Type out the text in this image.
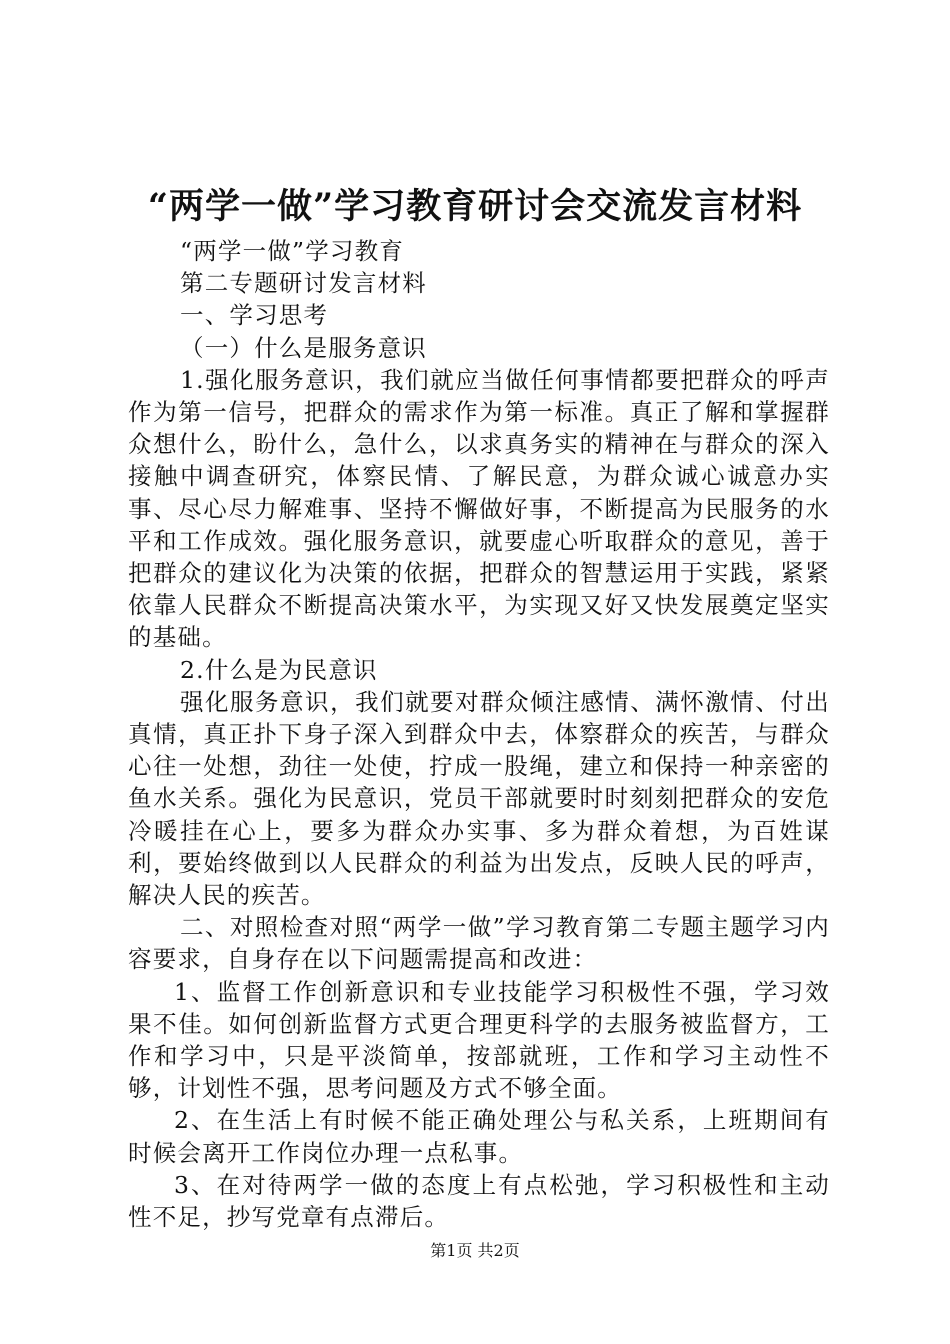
“两学一做”学习教育研讨会交流发言材料

“两学一做”学习教育

第二专题研讨发言材料

一、学习思考

（一）什么是服务意识

1.强化服务意识，我们就应当做任何事情都要把群众的呼声作为第一信号，把群众的需求作为第一标准。真正了解和掌握群众想什么，盼什么，急什么，以求真务实的精神在与群众的深入接触中调查研究，体察民情、了解民意，为群众诚心诚意办实事、尽心尽力解难事、坚持不懈做好事，不断提高为民服务的水平和工作成效。强化服务意识，就要虚心听取群众的意见，善于把群众的建议化为决策的依据，把群众的智慧运用于实践，紧紧依靠人民群众不断提高决策水平，为实现又好又快发展奠定坚实的基础。

2.什么是为民意识

强化服务意识，我们就要对群众倾注感情、满怀激情、付出真情，真正扑下身子深入到群众中去，体察群众的疾苦，与群众心往一处想，劲往一处使，拧成一股绳，建立和保持一种亲密的鱼水关系。强化为民意识，党员干部就要时时刻刻把群众的安危冷暖挂在心上，要多为群众办实事、多为群众着想，为百姓谋利，要始终做到以人民群众的利益为出发点，反映人民的呼声，解决人民的疾苦。

二、对照检查对照“两学一做”学习教育第二专题主题学习内容要求，自身存在以下问题需提高和改进：

1、监督工作创新意识和专业技能学习积极性不强，学习效果不佳。如何创新监督方式更合理更科学的去服务被监督方，工作和学习中，只是平淡简单，按部就班，工作和学习主动性不够，计划性不强，思考问题及方式不够全面。

2、在生活上有时候不能正确处理公与私关系，上班期间有时候会离开工作岗位办理一点私事。

3、在对待两学一做的态度上有点松弛，学习积极性和主动性不足，抄写党章有点滞后。

第1页 共2页
